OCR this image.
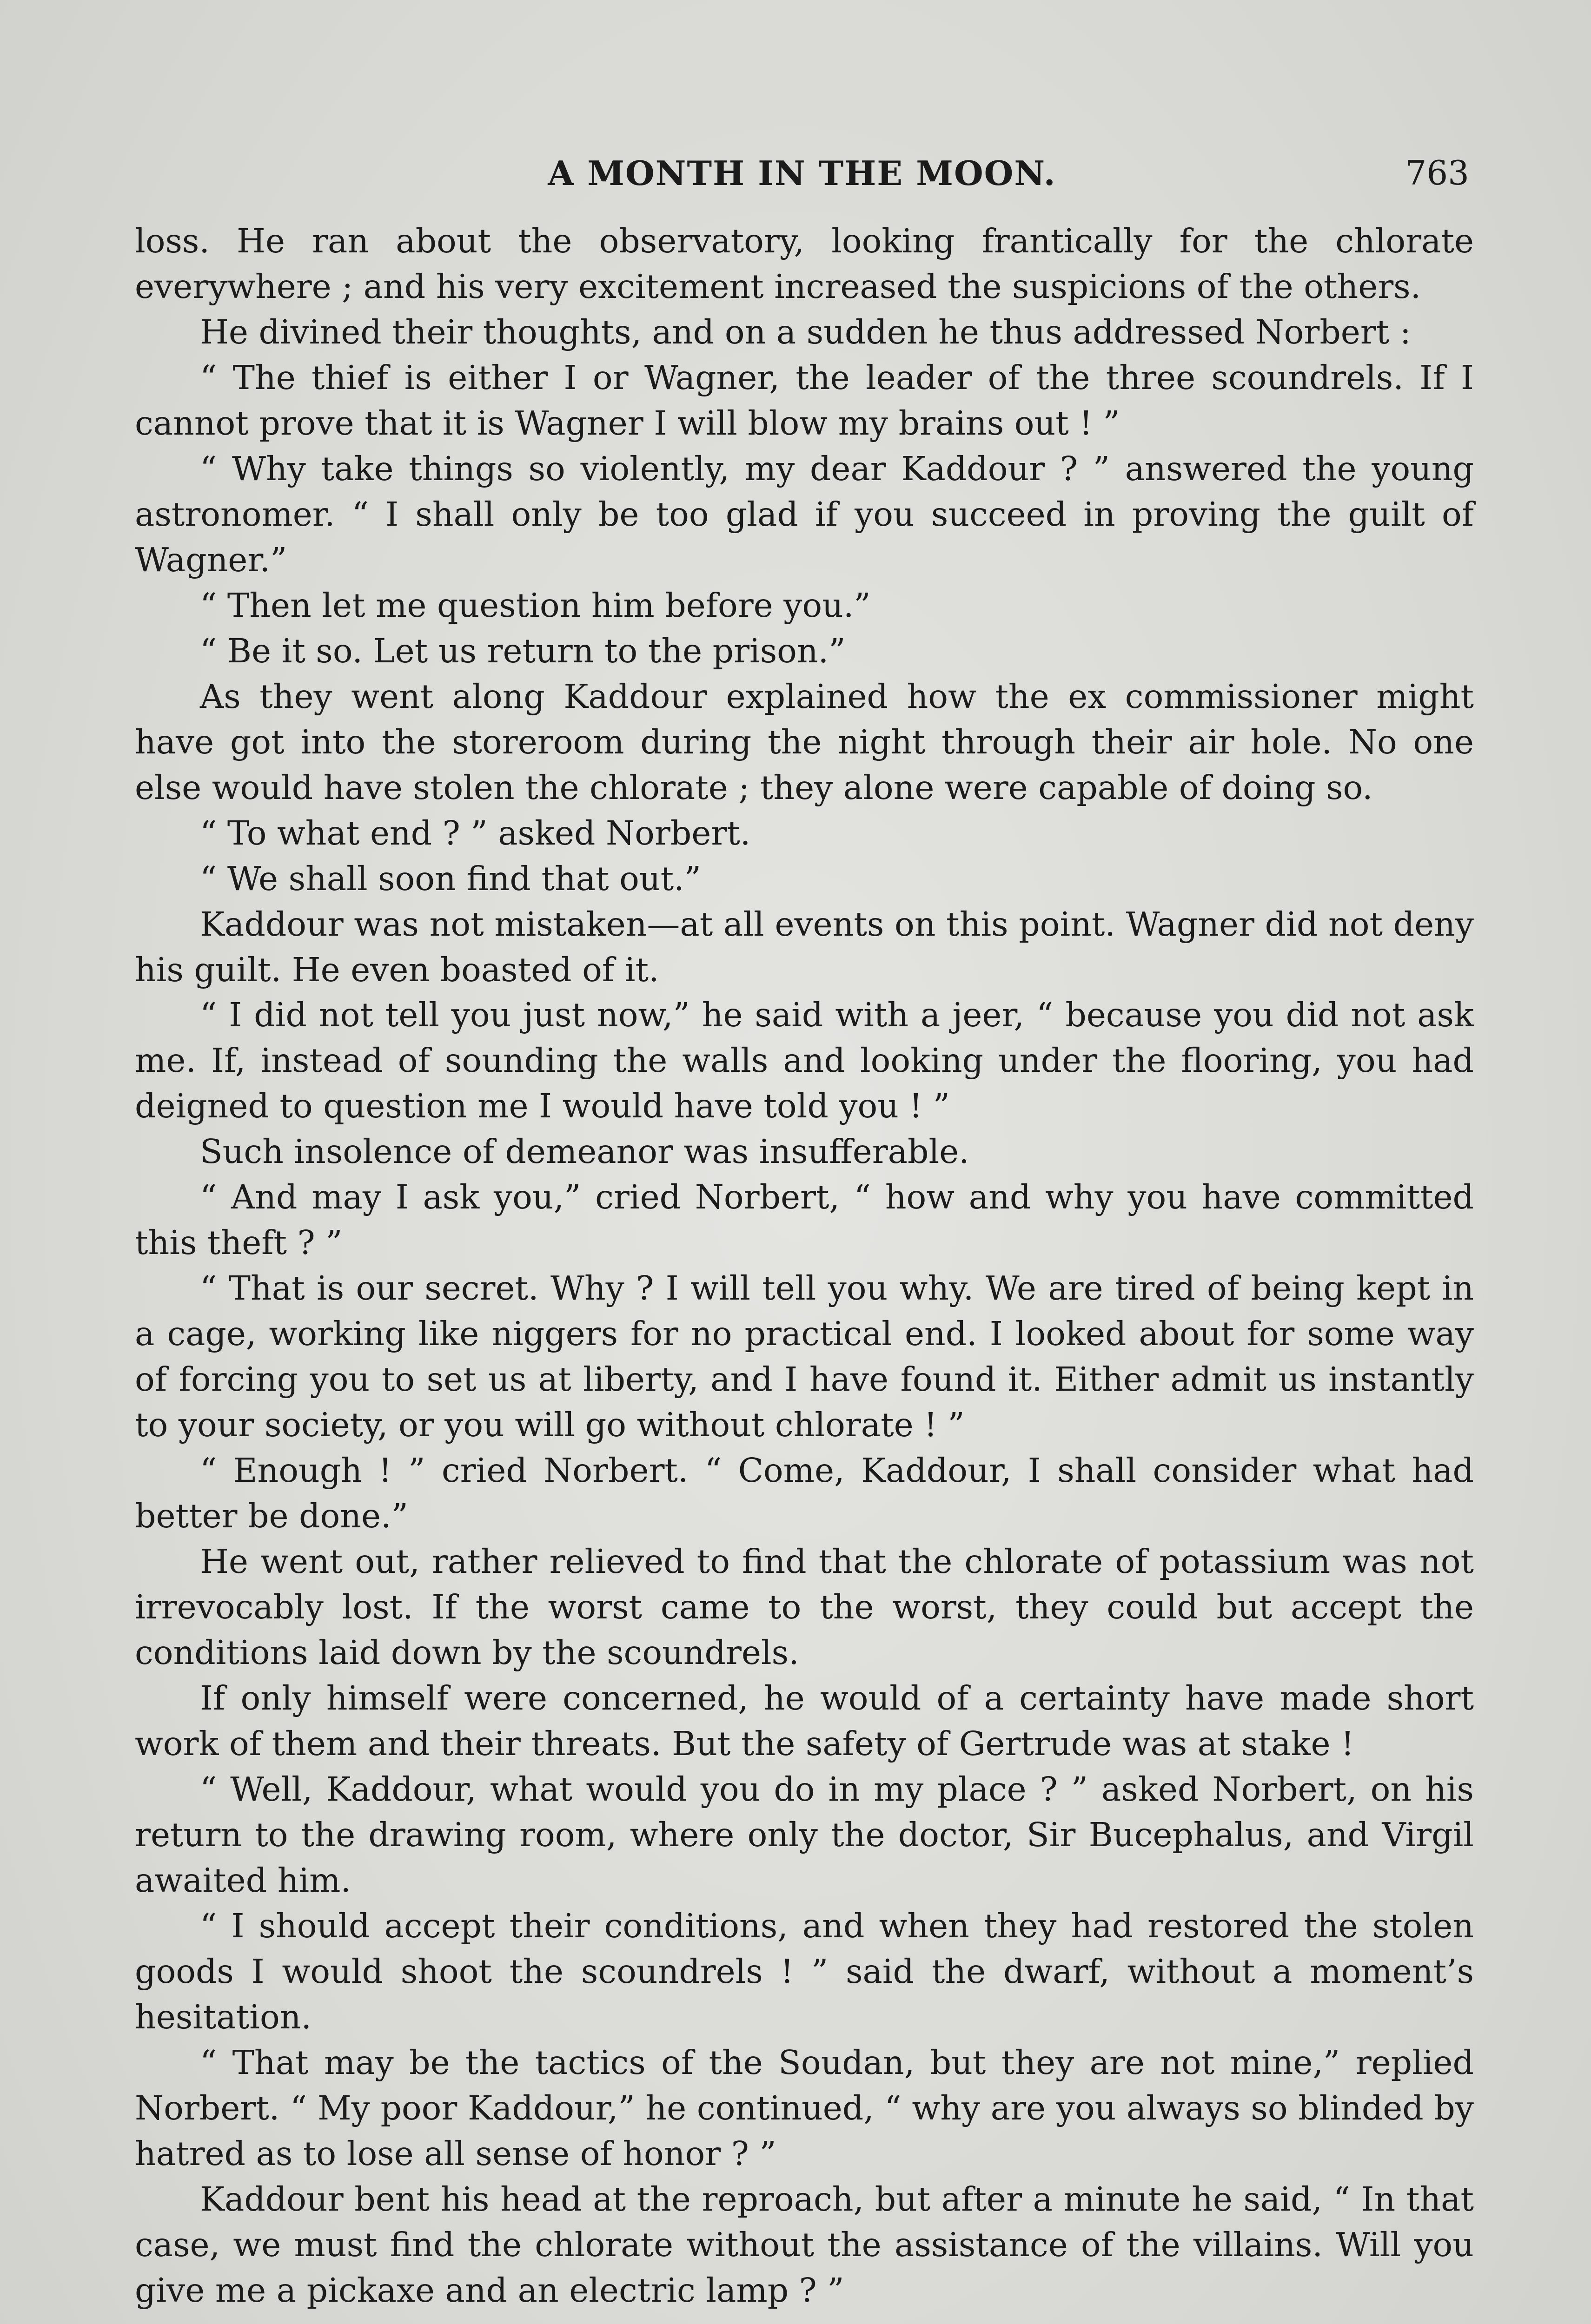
A MONTH IN THE MOON.	763

loss. He ran about the observatory, looking frantically for the chlorate everywhere ; and his very excitement increased the suspicions of the others.

He divined their thoughts, and on a sudden he thus addressed Norbert :

“ The thief is either I or Wagner, the leader of the three scoundrels. If I cannot prove that it is Wagner I will blow my brains out ! ”

“ Why take things so violently, my dear Kaddour ? ” answered the young astronomer. “ I shall only be too glad if you succeed in proving the guilt of Wagner.”

“ Then let me question him before you.”

“ Be it so. Let us return to the prison.”

As they went along Kaddour explained how the ex commissioner might have got into the storeroom during the night through their air hole. No one else would have stolen the chlorate ; they alone were capable of doing so.

“ To what end ? ” asked Norbert.

“ We shall soon find that out.”

Kaddour was not mistaken—at all events on this point. Wagner did not deny his guilt. He even boasted of it.

“ I did not tell you just now,” he said with a jeer, “ because you did not ask me. If, instead of sounding the walls and looking under the flooring, you had deigned to question me I would have told you ! ”

Such insolence of demeanor was insufferable.

“ And may I ask you,” cried Norbert, “ how and why you have committed this theft ? ”

“ That is our secret. Why ? I will tell you why. We are tired of being kept in a cage, working like niggers for no practical end. I looked about for some way of forcing you to set us at liberty, and I have found it. Either admit us instantly to your society, or you will go without chlorate ! ”

“ Enough ! ” cried Norbert. “ Come, Kaddour, I shall consider what had better be done.”

He went out, rather relieved to find that the chlorate of potassium was not irrevocably lost. If the worst came to the worst, they could but accept the conditions laid down by the scoundrels.

If only himself were concerned, he would of a certainty have made short work of them and their threats. But the safety of Gertrude was at stake !

“ Well, Kaddour, what would you do in my place ? ” asked Norbert, on his return to the drawing room, where only the doctor, Sir Bucephalus, and Virgil awaited him.

“ I should accept their conditions, and when they had restored the stolen goods I would shoot the scoundrels ! ” said the dwarf, without a moment’s hesitation.

“ That may be the tactics of the Soudan, but they are not mine,” replied Norbert. “ My poor Kaddour,” he continued, “ why are you always so blinded by hatred as to lose all sense of honor ? ”

Kaddour bent his head at the reproach, but after a minute he said, “ In that case, we must find the chlorate without the assistance of the villains. Will you give me a pickaxe and an electric lamp ? ”
